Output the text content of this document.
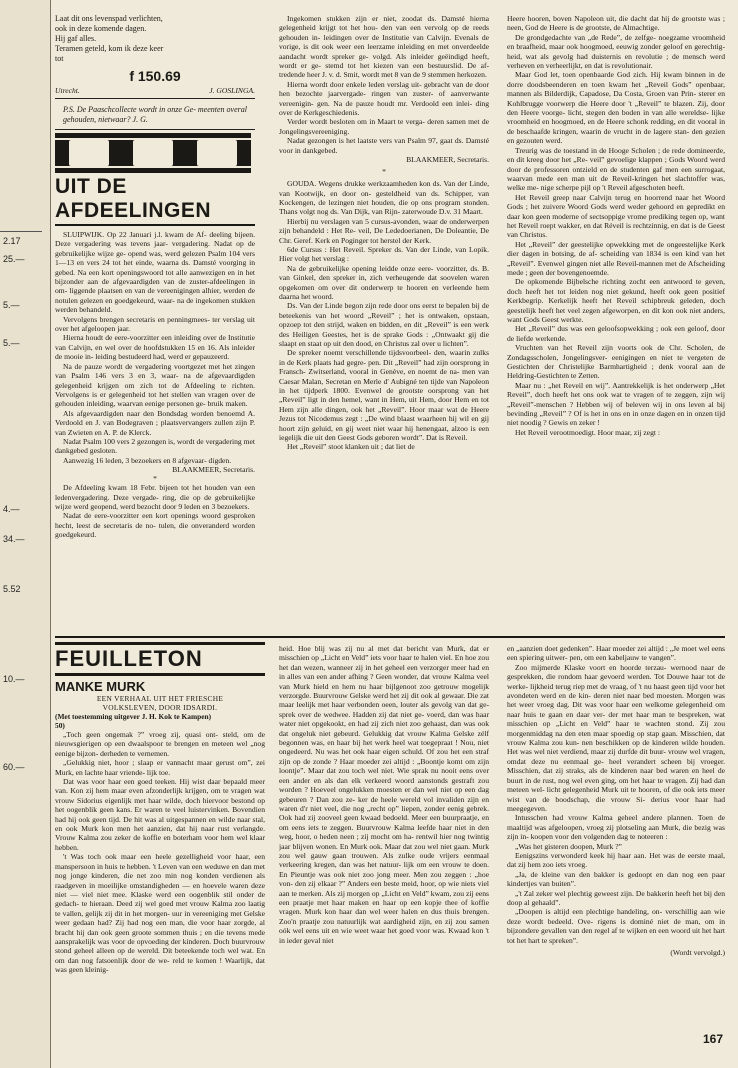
2.17
25.—
5.—
5.—
4.—
34.—
5.52
10.—
60.—

Laat dit ons levenspad verlichten,

ook in deze komende dagen.

Hij gaf alles.

Teramen geteld, kom ik deze keer

tot

f 150.69
Utrecht.	J. GOSLINGA.

P.S. De Paaschcollecte wordt in onze Ge- meenten overal gehouden, nietwaar? J. G.

UIT DE AFDEELINGEN

SLUIPWIJK. Op 22 Januari j.l. kwam de Af- deeling bijeen. Deze vergadering was tevens jaar- vergadering. Nadat op de gebruikelijke wijze ge- opend was, werd gelezen Psalm 104 vers 1—13 en vers 24 tot het einde, waarna ds. Damsté voorging in gebed. Na een kort openingswoord tot alle aanwezigen en in het bijzonder aan de afgevaardigden van de zuster-afdeelingen in om- liggende plaatsen en van de vereenigingen alhier, werden de notulen gelezen en goedgekeurd, waar- na de ingekomen stukken werden behandeld.

Vervolgens brengen secretaris en penningmees- ter verslag uit over het afgeloopen jaar.

Hierna houdt de eere-voorzitter een inleiding over de Institutie van Calvijn, en wel over de hoofdstukken 15 en 16. Als inleider de mooie in- leiding bestudeerd had, werd er gepauzeerd.

Na de pauze wordt de vergadering voortgezet met het zingen van Psalm 146 vers 3 en 3, waar- na de afgevaardigden gelegenheid krijgen om zich tot de Afdeeling te richten. Vervolgens is er gelegenheid tot het stellen van vragen over de gehouden inleiding, waarvan eenige personen ge- bruik maken.

Als afgevaardigden naar den Bondsdag worden benoemd A. Verdoold en J. van Bodegraven ; plaatsvervangers zullen zijn P. van Zwieten en A. P. de Klerck.

Nadat Psalm 100 vers 2 gezongen is, wordt de vergadering met dankgebed gesloten.

Aanwezig 16 leden, 3 bezoekers en 8 afgevaar- digden.

BLAAKMEER, Secretaris.

*

De Afdeeling kwam 18 Febr. bijeen tot het houden van een ledenvergadering. Deze vergade- ring, die op de gebruikelijke wijze werd geopend, werd bezocht door 9 leden en 3 bezoekers.

Nadat de eere-voorzitter een kort openings woord gesproken hecht, leest de secretaris de no- tulen, die onveranderd worden goedgekeurd.

Ingekomen stukken zijn er niet, zoodat ds. Damsté hierna gelegenheid krijgt tot het hou- den van een vervolg op de reeds gehouden in- leidingen over de Institutie van Calvijn. Evenals de vorige, is dit ook weer een leerzame inleiding en met onverdeelde aandacht wordt spreker ge- volgd. Als inleider geëindigd heeft, wordt er ge- stemd tot het kiezen van een bestuurslid. De af- tredende heer J. v. d. Smit, wordt met 8 van de 9 stemmen herkozen.

Hierna wordt door enkele leden verslag uit- gebracht van de door hen bezochte jaarvergade- ringen van zuster- of aanverwante vereenigin- gen. Na de pauze houdt mr. Verdoold een inlei- ding over de Kerkgeschiedenis.

Verder wordt besloten om in Maart te verga- deren samen met de Jongelingsvereeniging.

Nadat gezongen is het laatste vers van Psalm 97, gaat ds. Damsté voor in dankgebed.

BLAAKMEER, Secretaris.

*

GOUDA. Wegens drukke werkzaamheden kon ds. Van der Linde, van Kootwijk, en door on- gesteldheid van ds. Schipper, van Kockengen, de lezingen niet houden, die op ons program stonden. Thans volgt nog ds. Van Dijk, van Rijn- zaterwoude D.v. 31 Maart.

Hierbij nu verslagen van 5 cursus-avonden, waar de onderwerpen zijn behandeld : Het Re- veil, De Lededoerianen, De Doleantie, De Chr. Geref. Kerk en Poginger tot herstel der Kerk.

6de Cursus : Het Reveil. Spreker ds. Van der Linde, van Lopik. Hier volgt het verslag :

Na de gebruikelijke opening leidde onze eere- voorzitter, ds. B. van Ginkel, den spreker in, zich verheugende dat soovelen waren opgekomen om over dit onderwerp te hooren en verleende hem daarna het woord.

Ds. Van der Linde begon zijn rede door ons eerst te bepalen bij de beteekenis van het woord „Reveil” ; het is ontwaken, opstaan, opzoep tot den strijd, waken en bidden, en dit „Reveil” is een werk des Heiligen Geestes, het is de sprake Gods : „Ontwaakt gij die slaapt en staat op uit den dood, en Christus zal over u lichten”.

De spreker noemt verschillende tijdsvoorbeel- den, waarin zulks in de Kerk plaats had gegre- pen. Dit „Reveil” had zijn oorsprong in Fransch- Zwitserland, vooral in Genève, en noemt de na- men van Caesar Malan, Secretan en Merle d' Aubigné ten tijde van Napoleon in het tijdperk 1800. Evenwel de grootste oorsprong van het „Reveil” ligt in den hemel, want in Hem, uit Hem, door Hem en tot Hem zijn alle dingen, ook het „Reveil”. Hoor maar wat de Heere Jezus tot Nicodemus zegt : „De wind blaast waarheen hij wil en gij hoort zijn geluid, en gij weet niet waar hij henengaat, alzoo is een iegelijk die uit den Geest Gods geboren wordt”. Dat is Reveil.

Het „Reveil” stoot klanken uit ; dat liet de

Heere hooren, boven Napoleon uit, die dacht dat hij de grootste was ; neen, God de Heere is de grootste, de Almachtige.

De grondgedachte van „de Rede”, de zelfge- noegzame vroomheid en braafheid, maar ook hoogmoed, eeuwig zonder geloof en gerechtig- heid, wat als gevolg had duisternis en revolutie ; de mensch werd verheven en verheerlijkt, en dat is revolutionair.

Maar God let, toen openbaarde God zich. Hij kwam binnen in de dorre doodsbeenderen en toen kwam het „Reveil Gods” openbaar, mannen als Bilderdijk, Capadose, Da Costa, Groen van Prin- sterer en Kohlbrugge voorwerp die Heere door 't „Reveil” te blazen. Zij, door den Heere voorge- licht, stegen den boden in van alle wereldse- lijke vroomheid en hoogmoed, en de Heere schonk redding, en dit vooral in de beschaafde kringen, waarin de vrucht in de lagere stan- den gezien en gezouten werd.

Treurig was de toestand in de Hooge Scholen ; de rede domineerde, en dit kreeg door het „Re- veil” gevoelige klappen ; Gods Woord werd door de professoren ontzield en de studenten gaf men een surrogaat, waarvan mede een man uit de Reveil-kringen het slachtoffer was, welke me- nige scherpe pijl op 't Reveil afgeschoten heeft.

Het Reveil greep naar Calvijn terug en hoorrend naar het Woord Gods ; het zuivere Woord Gods werd weder gehoord en gepredikt en daar kon geen moderne of sectsoppige vrome prediking tegen op, want het Reveil roept wakker, en dat Réveil is rechtzinnig, en dat is de Geest van Christus.

Het „Reveil” der geestelijke opwekking met de ongeestelijke Kerk dier dagen in botsing, de af- scheiding van 1834 is een kind van het „Reveil”. Evenwel gingen niet alle Reveil-mannen met de Afscheiding mede ; geen der bovengenoemde.

De opkomende Bijbelsche richting zocht een antwoord te geven, doch heeft het tot leiden nog niet gekund, heeft ook geen positief Kerkbegrip. Kerkelijk heeft het Reveil schipbreuk geleden, doch geestelijk heeft het veel zegen afgeworpen, en dit kon ook niet anders, want Gods Geest werkte.

Het „Reveil” dus was een geloofsopwekking ; ook een geloof, door de liefde werkende.

Vruchten van het Reveil zijn voorts ook de Chr. Scholen, de Zondagsscholen, Jongelingsver- eenigingen en niet te vergeten de Gestichten der Christelijke Barmhartigheid ; denk vooral aan de Heldring-Gestichten te Zetten.

Maar nu : „het Reveil en wij”. Aantrekkelijk is het onderwerp „Het Reveil”, doch heeft het ons ook wat te vragen of te zeggen, zijn wij „Reveil”-menschen ? Hebben wij of beleven wij in ons leven al bij bevinding „Reveil” ? Of is het in ons en in onze dagen en in onzen tijd niet noodig ? Gewis en zeker !

Het Reveil verootmoedigt. Hoor maar, zij zegt :

FEUILLETON
MANKE MURK

EEN VERHAAL UIT HET FRIESCHE

VOLKSLEVEN, DOOR IDSARDI.

(Met toestemming uitgever J. H. Kok te Kampen)

50)

„Toch geen ongemak ?” vroeg zij, quasi ont- steld, om de nieuwsgierigen op een dwaalspoor te brengen en meteen wel „nog eenige bijzon- derheden te vernemen.

„Gelukkig niet, hoor ; slaap er vannacht maar gerust om”, zei Murk, en lachte haar vriende- lijk toe.

Dat was voor haar een goed teeken. Hij wist daar bepaald meer van. Kon zij hem maar even afzonderlijk krijgen, om te vragen wat vrouw Sidorius eigenlijk met haar wilde, doch hiervoor bestond op het oogenblik geen kans. Er waren te veel luistervinken. Bovendien had hij ook geen tijd. De hit was al uitgespannen en wilde naar stal, en ook Murk kon men het aanzien, dat hij naar rust verlangde. Vrouw Kalma zou zeker de koffie en boterham voor hem wel klaar hebben.

't Was toch ook maar een heele gezelligheid voor haar, een manspersoon in huis te hebben. 't Leven van een weduwe en dan met nog jonge kinderen, die net zoo min nog konden verdienen als raadgeven in moeilijke omstandigheden — en hoevele waren deze niet — viel niet mee. Klaske werd een oogenblik stil onder de gedach- te hieraan. Deed zij wel goed met vrouw Kalma zoo laatig te vallen, gelijk zij dit in het morgen- uur in vereeniging met Gelske weer gedaan had? Zij had nog een man, die voor haar zorgde, al bracht hij dan ook geen groote sommen thuis ; en die tevens mede aansprakelijk was voor de opvoeding der kinderen. Doch buurvrouw stond geheel alleen op de wereld. Dit beteekende toch wel wat. En om dan nog fatsoenlijk door de we- reld te komen ! Waarlijk, dat was geen kleinig-

heid. Hoe blij was zij nu al met dat bericht van Murk, dat er misschien op „Licht en Veld” iets voor haar te halen viel. En hoe zou het dan wezen, wanneer zij in het geheel een verzorger meer had en in alles van een ander afhing ? Geen wonder, dat vrouw Kalma veel van Murk hield en hem nu haar bijlgenoot zoo getrouw mogelijk verzorgde. Buurvrouw Gelske werd het zij dit ook al gewaar. Die zat maar leelijk met haar verbonden oeen, louter als gevolg van dat ge- sprek over de wedwee. Hadden zij dat niet ge- voerd, dan was haar water niet opgekookt, en had zij zich niet zoo gehaast, dan was ook dat ongeluk niet gebeurd. Gelukkig dat vrouw Kalma Gelske zélf begonnen was, en haar bij het werk heel wat toegepraat ! Nou, niet ongedeerd. Nu was het ook haar eigen schuld. Of zou het een straf zijn op de zonde ? Haar moeder zei altijd : „Boontje komt om zijn loontje”. Maar dat zou toch wel niet. Wie sprak nu nooit eens over een ander en als dan elk verkeerd woord aanstonds gestraft zou worden ? Hoeveel ongelukken moesten er dan wel niet op een dag gebeuren ? Dan zou ze- ker de heele wereld vol invaliden zijn en waren d'r niet veel, die nog „recht op” liepen, zonder eenig gebrek. Ook had zij zooveel geen kwaad bedoeld. Meer een buurpraatje, en om eens iets te zeggen. Buurvrouw Kalma leefde haar niet in den weg, hoor, o heden neen ; zij mocht om ha- rentwil hier nog twintig jaar blijven wonen. En Murk ook. Maar dat zou wel niet gaan. Murk zou wel gauw gaan trouwen. Als zulke oude vrijers eenmaal verkeering kregen, dan was het natuur- lijk om een vrouw te doen. En Pieuntje was ook niet zoo jong meer. Men zou zeggen : „hoe von- den zij elkaar ?” Anders een beste meid, hoor, op wie niets viel aan te merken. Als zij morgen op „Licht en Veld” kwam, zou zij eens een praatje met haar maken en haar op een kopje thee of koffie vragen. Murk kon haar dan wel weer halen en dus thuis brengen. Zoo'n praatje zou natuurlijk wat aardigheid zijn, en zij zou samen oók wel eens uit en wie weet waar het goed voor was. Kwaad kon 't in ieder geval niet

en „aanzien doet gedenken”. Haar moeder zei altijd : „Je moet wel eens een spiering uitwer- pen, om een kabeljauw te vangen”.

Zoo mijmerde Klaske voort en hoorde terzau- wernood naar de gesprekken, die rondom haar gevoerd werden. Tot Douwe haar tot de werke- lijkheid terug riep met de vraag, of 't nu haast geen tijd voor het avondeten werd en de kin- deren niet naar bed moesten. Morgen was het weer vroeg dag. Dit was voor haar een welkome gelegenheid om naar huis te gaan en daar ver- der met haar man te bespreken, wat misschien op „Licht en Veld” haar te wachten stond. Zij zou morgenmiddag na den eten maar spoedig op stap gaan. Misschien, dat vrouw Kalma zou kun- nen beschikken op de kinderen wilde houden. Het was wel niet verdiend, maar zij durfde dit buur- vrouw wel vragen, omdat deze nu eenmaal ge- heel verandert scheen bij vroeger. Misschien, dat zij straks, als de kinderen naar bed waren en heel de buurt in de rust, nog wel even ging, om het haar te vragen. Zij had dan meteen wel- licht gelegenheid Murk uit te hooren, of die ook iets meer wist van de boodschap, die vrouw Si- derius voor haar had meegegeven.

Intusschen had vrouw Kalma geheel andere plannen. Toen de maaltijd was afgeloopen, vroeg zij plotseling aan Murk, die bezig was zijn in- koopen voor den volgenden dag te noteeren :

„Was het gisteren doopen, Murk ?”

Eenigszins verwonderd keek hij haar aan. Het was de eerste maal, dat zij hem zoo iets vroeg.

„Ja, de kleine van den bakker is gedoopt en dan nog een paar kindertjes van buiten”.

„'t Zal zeker wel plechtig geweest zijn. De bakkerin heeft het bij den doop al gehaald”.

„Doopen is altijd een plechtige handeling, on- verschillig aan wie deze wordt bedeeld. Ove- rigens is dominé niet de man, om in bijzondere gevallen van den regel af te wijken en een woord uit het hart tot het hart te spreken”.

(Wordt vervolgd.)

167
